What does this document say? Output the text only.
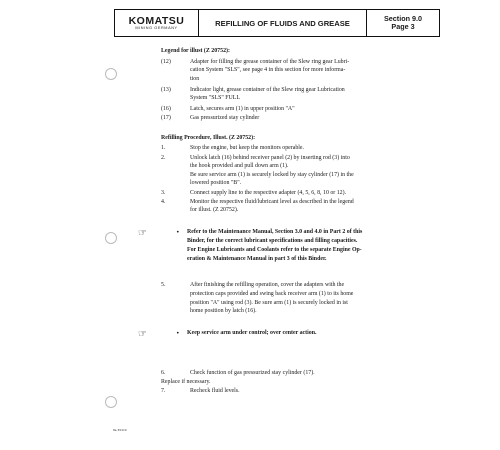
KOMATSU
MINING GERMANY	REFILLING OF FLUIDS AND GREASE
Section 9.0
Page 3
Legend for illust (Z 20752):
(12)	Adapter for filling the grease container of the Slew ring gear Lubri-
cation System "SLS", see page 4 in this section for more informa-
tion
(13)	Indicator light, grease container of the Slew ring gear Lubrication
System "SLS" FULL
(16)	Latch, secures arm (1) in upper position "A"
(17)	Gas pressurized stay cylinder
Refilling Procedure, Illust. (Z 20752):
1.	Stop the engine, but keep the monitors operable.
2.	Unlock latch (16) behind receiver panel (2) by inserting rod (3) into
the hook provided and pull down arm (1).
Be sure service arm (1) is securely locked by stay cylinder (17) in the
lowered position "B".
3.	Connect supply line to the respective adapter (4, 5, 6, 8, 10 or 12).
4.	Monitor the respective fluid/lubricant level as described in the legend
for illust. (Z 20752).
☞	• Refer to the Maintenance Manual, Section 3.0 and 4.0 in Part 2 of this
Binder, for the correct lubricant specifications and filling capacities.
For Engine Lubricants and Coolants refer to the separate Engine Op-
eration & Maintenance Manual in part 3 of this Binder.
5.	After finishing the refilling operation, cover the adapters with the
protection caps provided and swing back receiver arm (1) to its home
position "A" using rod (3). Be sure arm (1) is securely locked in ist
home position by latch (16).
☞	• Keep service arm under control; over center action.
6.	Check function of gas pressurized stay cylinder (17).
Replace if necessary.
7.	Recheck fluid levels.
9a-T0110
